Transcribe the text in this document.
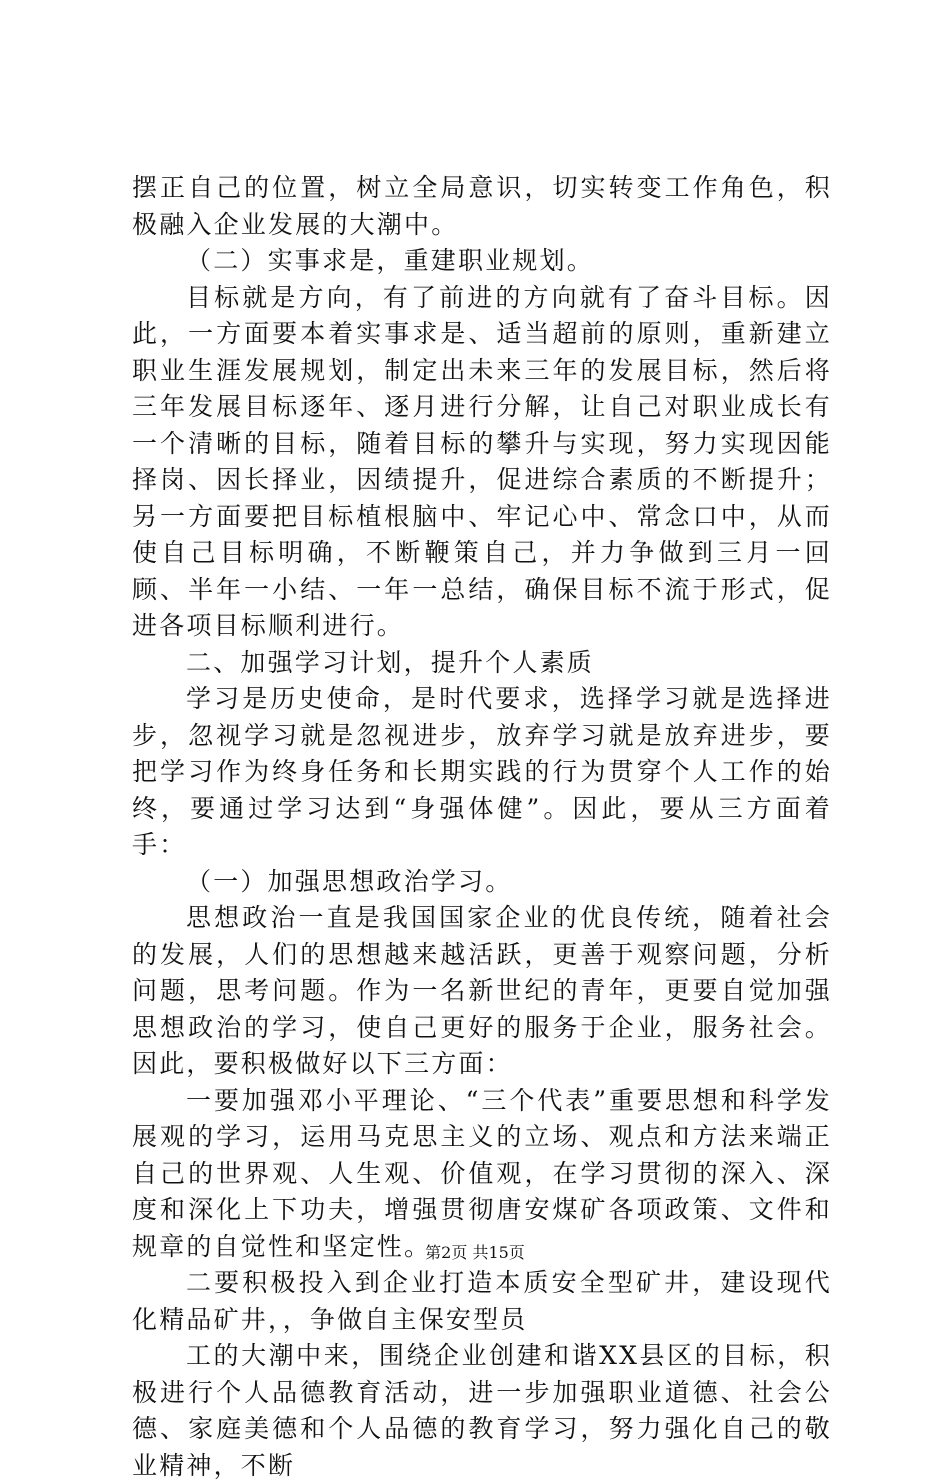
摆正自己的位置，树立全局意识，切实转变工作角色，积极融入企业发展的大潮中。

（二）实事求是，重建职业规划。

目标就是方向，有了前进的方向就有了奋斗目标。因此，一方面要本着实事求是、适当超前的原则，重新建立职业生涯发展规划，制定出未来三年的发展目标，然后将三年发展目标逐年、逐月进行分解，让自己对职业成长有一个清晰的目标，随着目标的攀升与实现，努力实现因能择岗、因长择业，因绩提升，促进综合素质的不断提升；另一方面要把目标植根脑中、牢记心中、常念口中，从而使自己目标明确，不断鞭策自己，并力争做到三月一回顾、半年一小结、一年一总结，确保目标不流于形式，促进各项目标顺利进行。

二、加强学习计划，提升个人素质

学习是历史使命，是时代要求，选择学习就是选择进步，忽视学习就是忽视进步，放弃学习就是放弃进步，要把学习作为终身任务和长期实践的行为贯穿个人工作的始终，要通过学习达到“身强体健”。因此，要从三方面着手：

（一）加强思想政治学习。

思想政治一直是我国国家企业的优良传统，随着社会的发展，人们的思想越来越活跃，更善于观察问题，分析问题，思考问题。作为一名新世纪的青年，更要自觉加强思想政治的学习，使自己更好的服务于企业，服务社会。因此，要积极做好以下三方面：

一要加强邓小平理论、“三个代表”重要思想和科学发展观的学习，运用马克思主义的立场、观点和方法来端正自己的世界观、人生观、价值观，在学习贯彻的深入、深度和深化上下功夫，增强贯彻唐安煤矿各项政策、文件和规章的自觉性和坚定性。

二要积极投入到企业打造本质安全型矿井，建设现代化精品矿井，，争做自主保安型员

工的大潮中来，围绕企业创建和谐XX县区的目标，积极进行个人品德教育活动，进一步加强职业道德、社会公德、家庭美德和个人品德的教育学习，努力强化自己的敬业精神，不断

第2页 共15页
